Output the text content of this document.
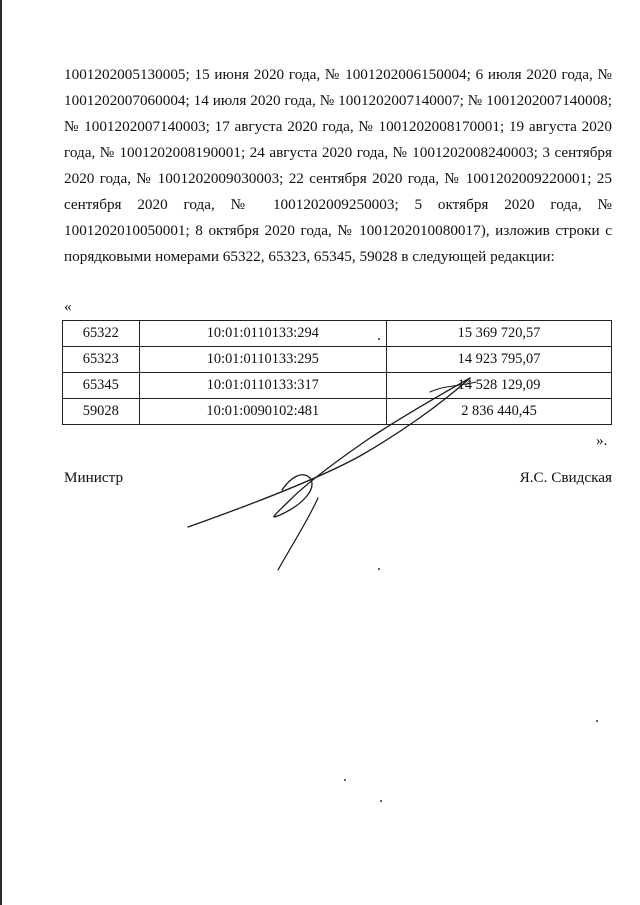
1001202005130005; 15 июня 2020 года, № 1001202006150004; 6 июля 2020 года, № 1001202007060004; 14 июля 2020 года, № 1001202007140007; № 1001202007140008; № 1001202007140003; 17 августа 2020 года, № 1001202008170001; 19 августа 2020 года, № 1001202008190001; 24 августа 2020 года, № 1001202008240003; 3 сентября 2020 года, № 1001202009030003; 22 сентября 2020 года, № 1001202009220001; 25 сентября 2020 года, № 1001202009250003; 5 октября 2020 года, № 1001202010050001; 8 октября 2020 года, № 1001202010080017), изложив строки с порядковыми номерами 65322, 65323, 65345, 59028 в следующей редакции:

«

65322	10:01:0110133:294	15 369 720,57
65323	10:01:0110133:295	14 923 795,07
65345	10:01:0110133:317	14 528 129,09
59028	10:01:0090102:481	2 836 440,45

».

Министр	Я.С. Свидская
